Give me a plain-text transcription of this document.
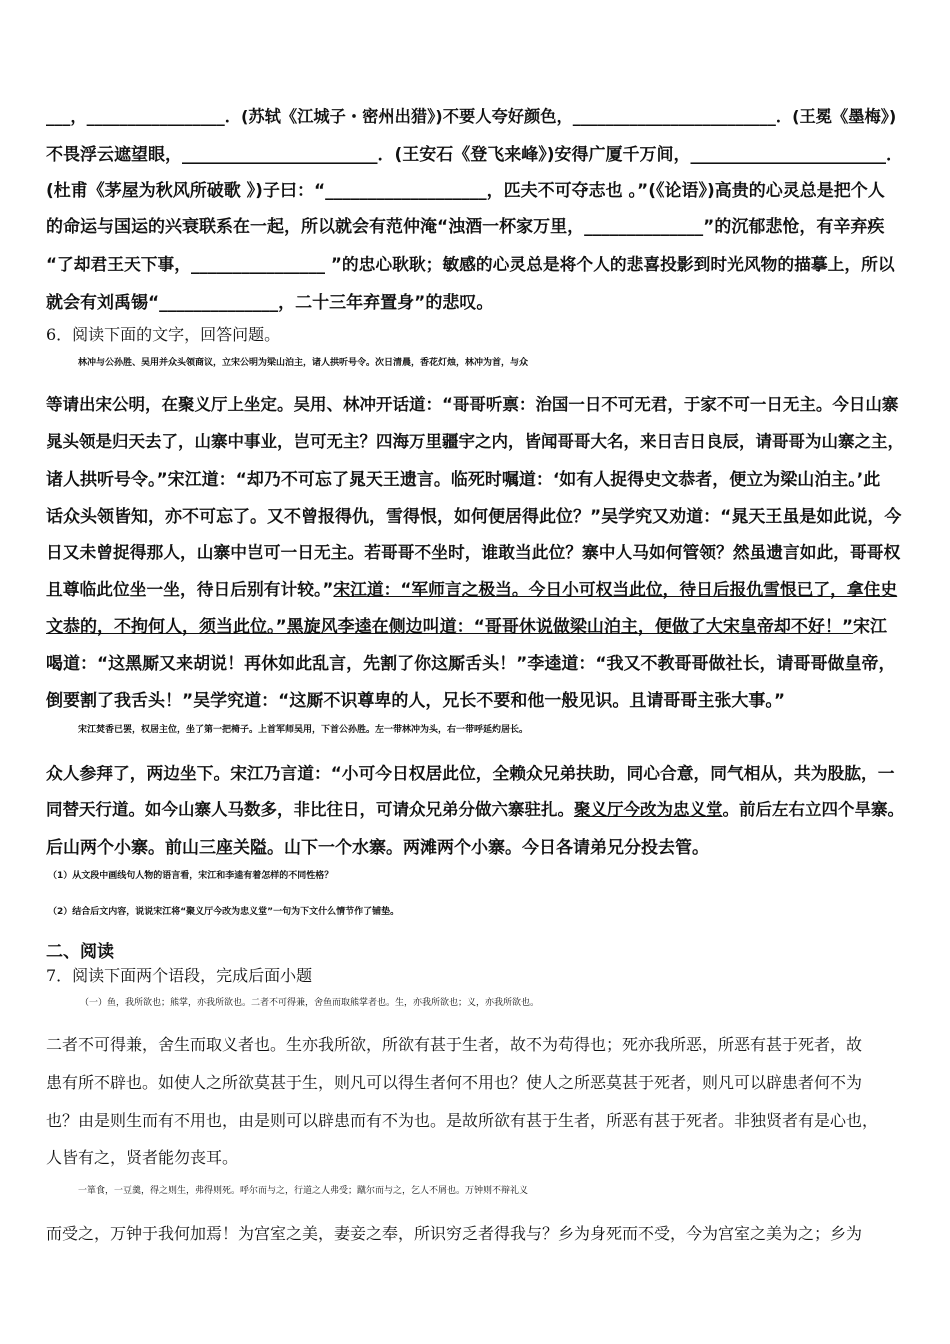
___，_________________．(苏轼《江城子・密州出猎》)不要人夸好颜色，_________________________．(王冕《墨梅》)
不畏浮云遮望眼，_______________________．(王安石《登飞来峰》)安得广厦千万间，_______________________．
(杜甫《茅屋为秋风所破歌 》)子曰：“___________________，匹夫不可夺志也 。”(《论语》)高贵的心灵总是把个人
的命运与国运的兴衰联系在一起，所以就会有范仲淹“浊酒一杯家万里，______________”的沉郁悲怆，有辛弃疾
“了却君王天下事，________________ ”的忠心耿耿；敏感的心灵总是将个人的悲喜投影到时光风物的描摹上，所以
就会有刘禹锡“______________，二十三年弃置身”的悲叹。
6．阅读下面的文字，回答问题。
林冲与公孙胜、吴用并众头领商议，立宋公明为梁山泊主，诸人拱听号令。次日清晨，香花灯烛，林冲为首，与众
等请出宋公明，在聚义厅上坐定。吴用、林冲开话道：“哥哥听禀：治国一日不可无君，于家不可一日无主。今日山寨
晁头领是归天去了，山寨中事业，岂可无主？四海万里疆宇之内，皆闻哥哥大名，来日吉日良辰，请哥哥为山寨之主，
诸人拱听号令。”宋江道：“却乃不可忘了晁天王遗言。临死时嘱道：‘如有人捉得史文恭者，便立为梁山泊主。’此
话众头领皆知，亦不可忘了。又不曾报得仇，雪得恨，如何便居得此位？”吴学究又劝道：“晁天王虽是如此说，今
日又未曾捉得那人，山寨中岂可一日无主。若哥哥不坐时，谁敢当此位？寨中人马如何管领？然虽遗言如此，哥哥权
且尊临此位坐一坐，待日后别有计较。”宋江道：“军师言之极当。今日小可权当此位，待日后报仇雪恨已了，拿住史
文恭的，不拘何人，须当此位。”黑旋风李逵在侧边叫道：“哥哥休说做梁山泊主，便做了大宋皇帝却不好！”宋江
喝道：“这黑厮又来胡说！再休如此乱言，先割了你这厮舌头！”李逵道：“我又不教哥哥做社长，请哥哥做皇帝，
倒要割了我舌头！”吴学究道：“这厮不识尊卑的人，兄长不要和他一般见识。且请哥哥主张大事。”
宋江焚香已罢，权居主位，坐了第一把椅子。上首军师吴用，下首公孙胜。左一带林冲为头，右一带呼延灼居长。
众人参拜了，两边坐下。宋江乃言道：“小可今日权居此位，全赖众兄弟扶助，同心合意，同气相从，共为股肱，一
同替天行道。如今山寨人马数多，非比往日，可请众兄弟分做六寨驻扎。聚义厅今改为忠义堂。前后左右立四个旱寨。
后山两个小寨。前山三座关隘。山下一个水寨。两滩两个小寨。今日各请弟兄分投去管。
（1）从文段中画线句人物的语言看，宋江和李逵有着怎样的不同性格？
（2）结合后文内容，说说宋江将“聚义厅今改为忠义堂”一句为下文什么情节作了铺垫。
二、阅读
7．阅读下面两个语段，完成后面小题
（一）鱼，我所欲也；熊掌，亦我所欲也。二者不可得兼，舍鱼而取熊掌者也。生，亦我所欲也；义，亦我所欲也。
二者不可得兼，舍生而取义者也。生亦我所欲，所欲有甚于生者，故不为苟得也；死亦我所恶，所恶有甚于死者，故
患有所不辟也。如使人之所欲莫甚于生，则凡可以得生者何不用也？使人之所恶莫甚于死者，则凡可以辟患者何不为
也？由是则生而有不用也，由是则可以辟患而有不为也。是故所欲有甚于生者，所恶有甚于死者。非独贤者有是心也，
人皆有之，贤者能勿丧耳。
一箪食，一豆羹，得之则生，弗得则死。呼尔而与之，行道之人弗受；蹴尔而与之，乞人不屑也。万钟则不辩礼义
而受之，万钟于我何加焉！为宫室之美，妻妾之奉，所识穷乏者得我与？乡为身死而不受，今为宫室之美为之；乡为
